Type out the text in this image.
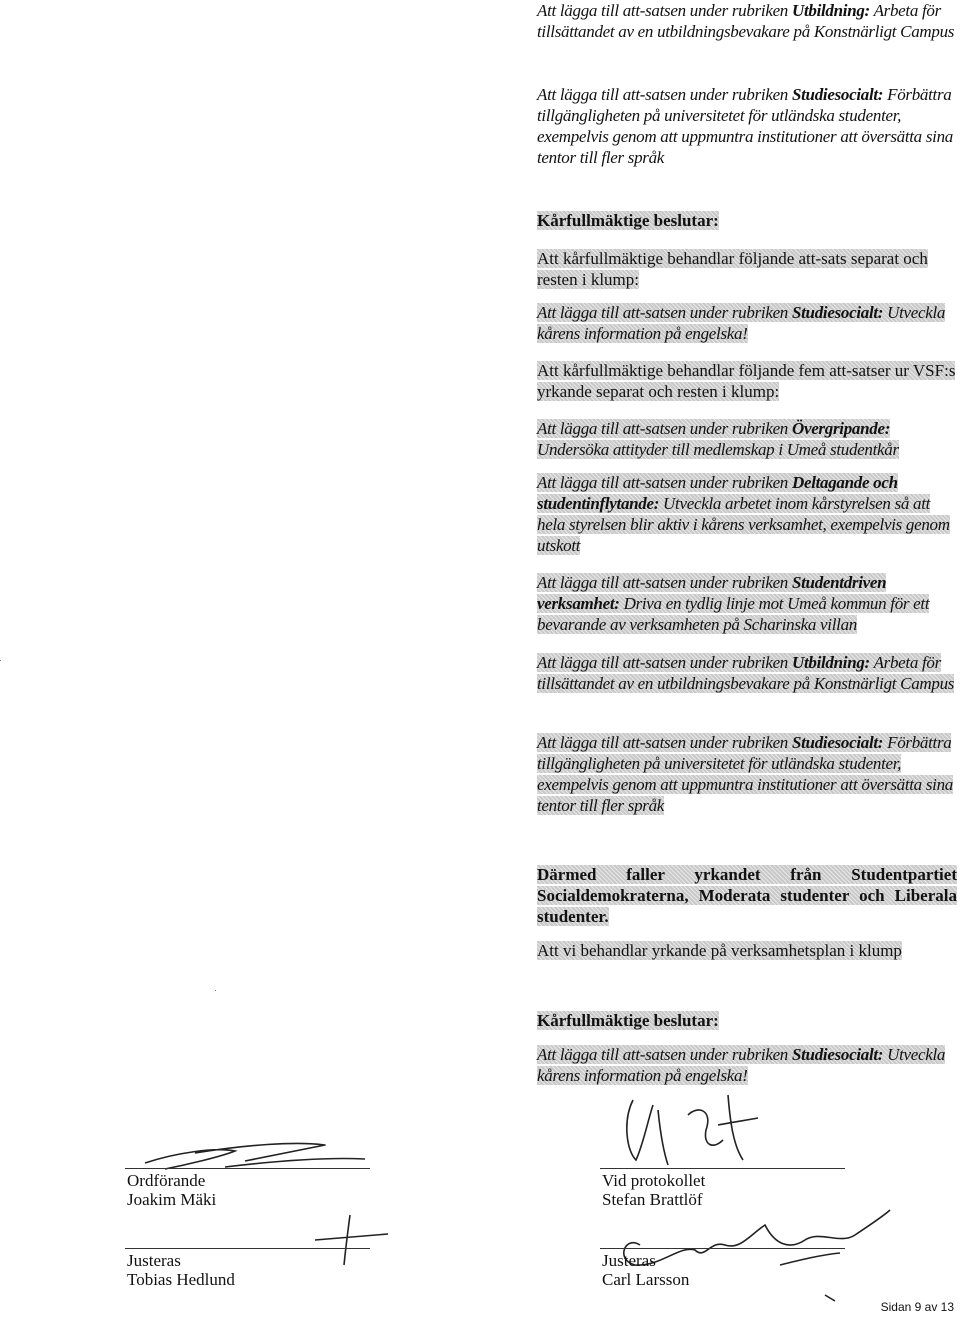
Att lägga till att-satsen under rubriken Utbildning: Arbeta för tillsättandet av en utbildningsbevakare på Konstnärligt Campus
Att lägga till att-satsen under rubriken Studiesocialt: Förbättra tillgängligheten på universitetet för utländska studenter, exempelvis genom att uppmuntra institutioner att översätta sina tentor till fler språk
Kårfullmäktige beslutar:
Att kårfullmäktige behandlar följande att-sats separat och resten i klump:
Att lägga till att-satsen under rubriken Studiesocialt: Utveckla kårens information på engelska!
Att kårfullmäktige behandlar följande fem att-satser ur VSF:s yrkande separat och resten i klump:
Att lägga till att-satsen under rubriken Övergripande: Undersöka attityder till medlemskap i Umeå studentkår
Att lägga till att-satsen under rubriken Deltagande och studentinflytande: Utveckla arbetet inom kårstyrelsen så att hela styrelsen blir aktiv i kårens verksamhet, exempelvis genom utskott
Att lägga till att-satsen under rubriken Studentdriven verksamhet: Driva en tydlig linje mot Umeå kommun för ett bevarande av verksamheten på Scharinska villan
Att lägga till att-satsen under rubriken Utbildning: Arbeta för tillsättandet av en utbildningsbevakare på Konstnärligt Campus
Att lägga till att-satsen under rubriken Studiesocialt: Förbättra tillgängligheten på universitetet för utländska studenter, exempelvis genom att uppmuntra institutioner att översätta sina tentor till fler språk
Därmed faller yrkandet från Studentpartiet Socialdemokraterna, Moderata studenter och Liberala studenter.
Att vi behandlar yrkande på verksamhetsplan i klump
Kårfullmäktige beslutar:
Att lägga till att-satsen under rubriken Studiesocialt: Utveckla kårens information på engelska!
Ordförande
Joakim Mäki
Justeras
Tobias Hedlund
Vid protokollet
Stefan Brattlöf
Justeras
Carl Larsson
Sidan 9 av 13
